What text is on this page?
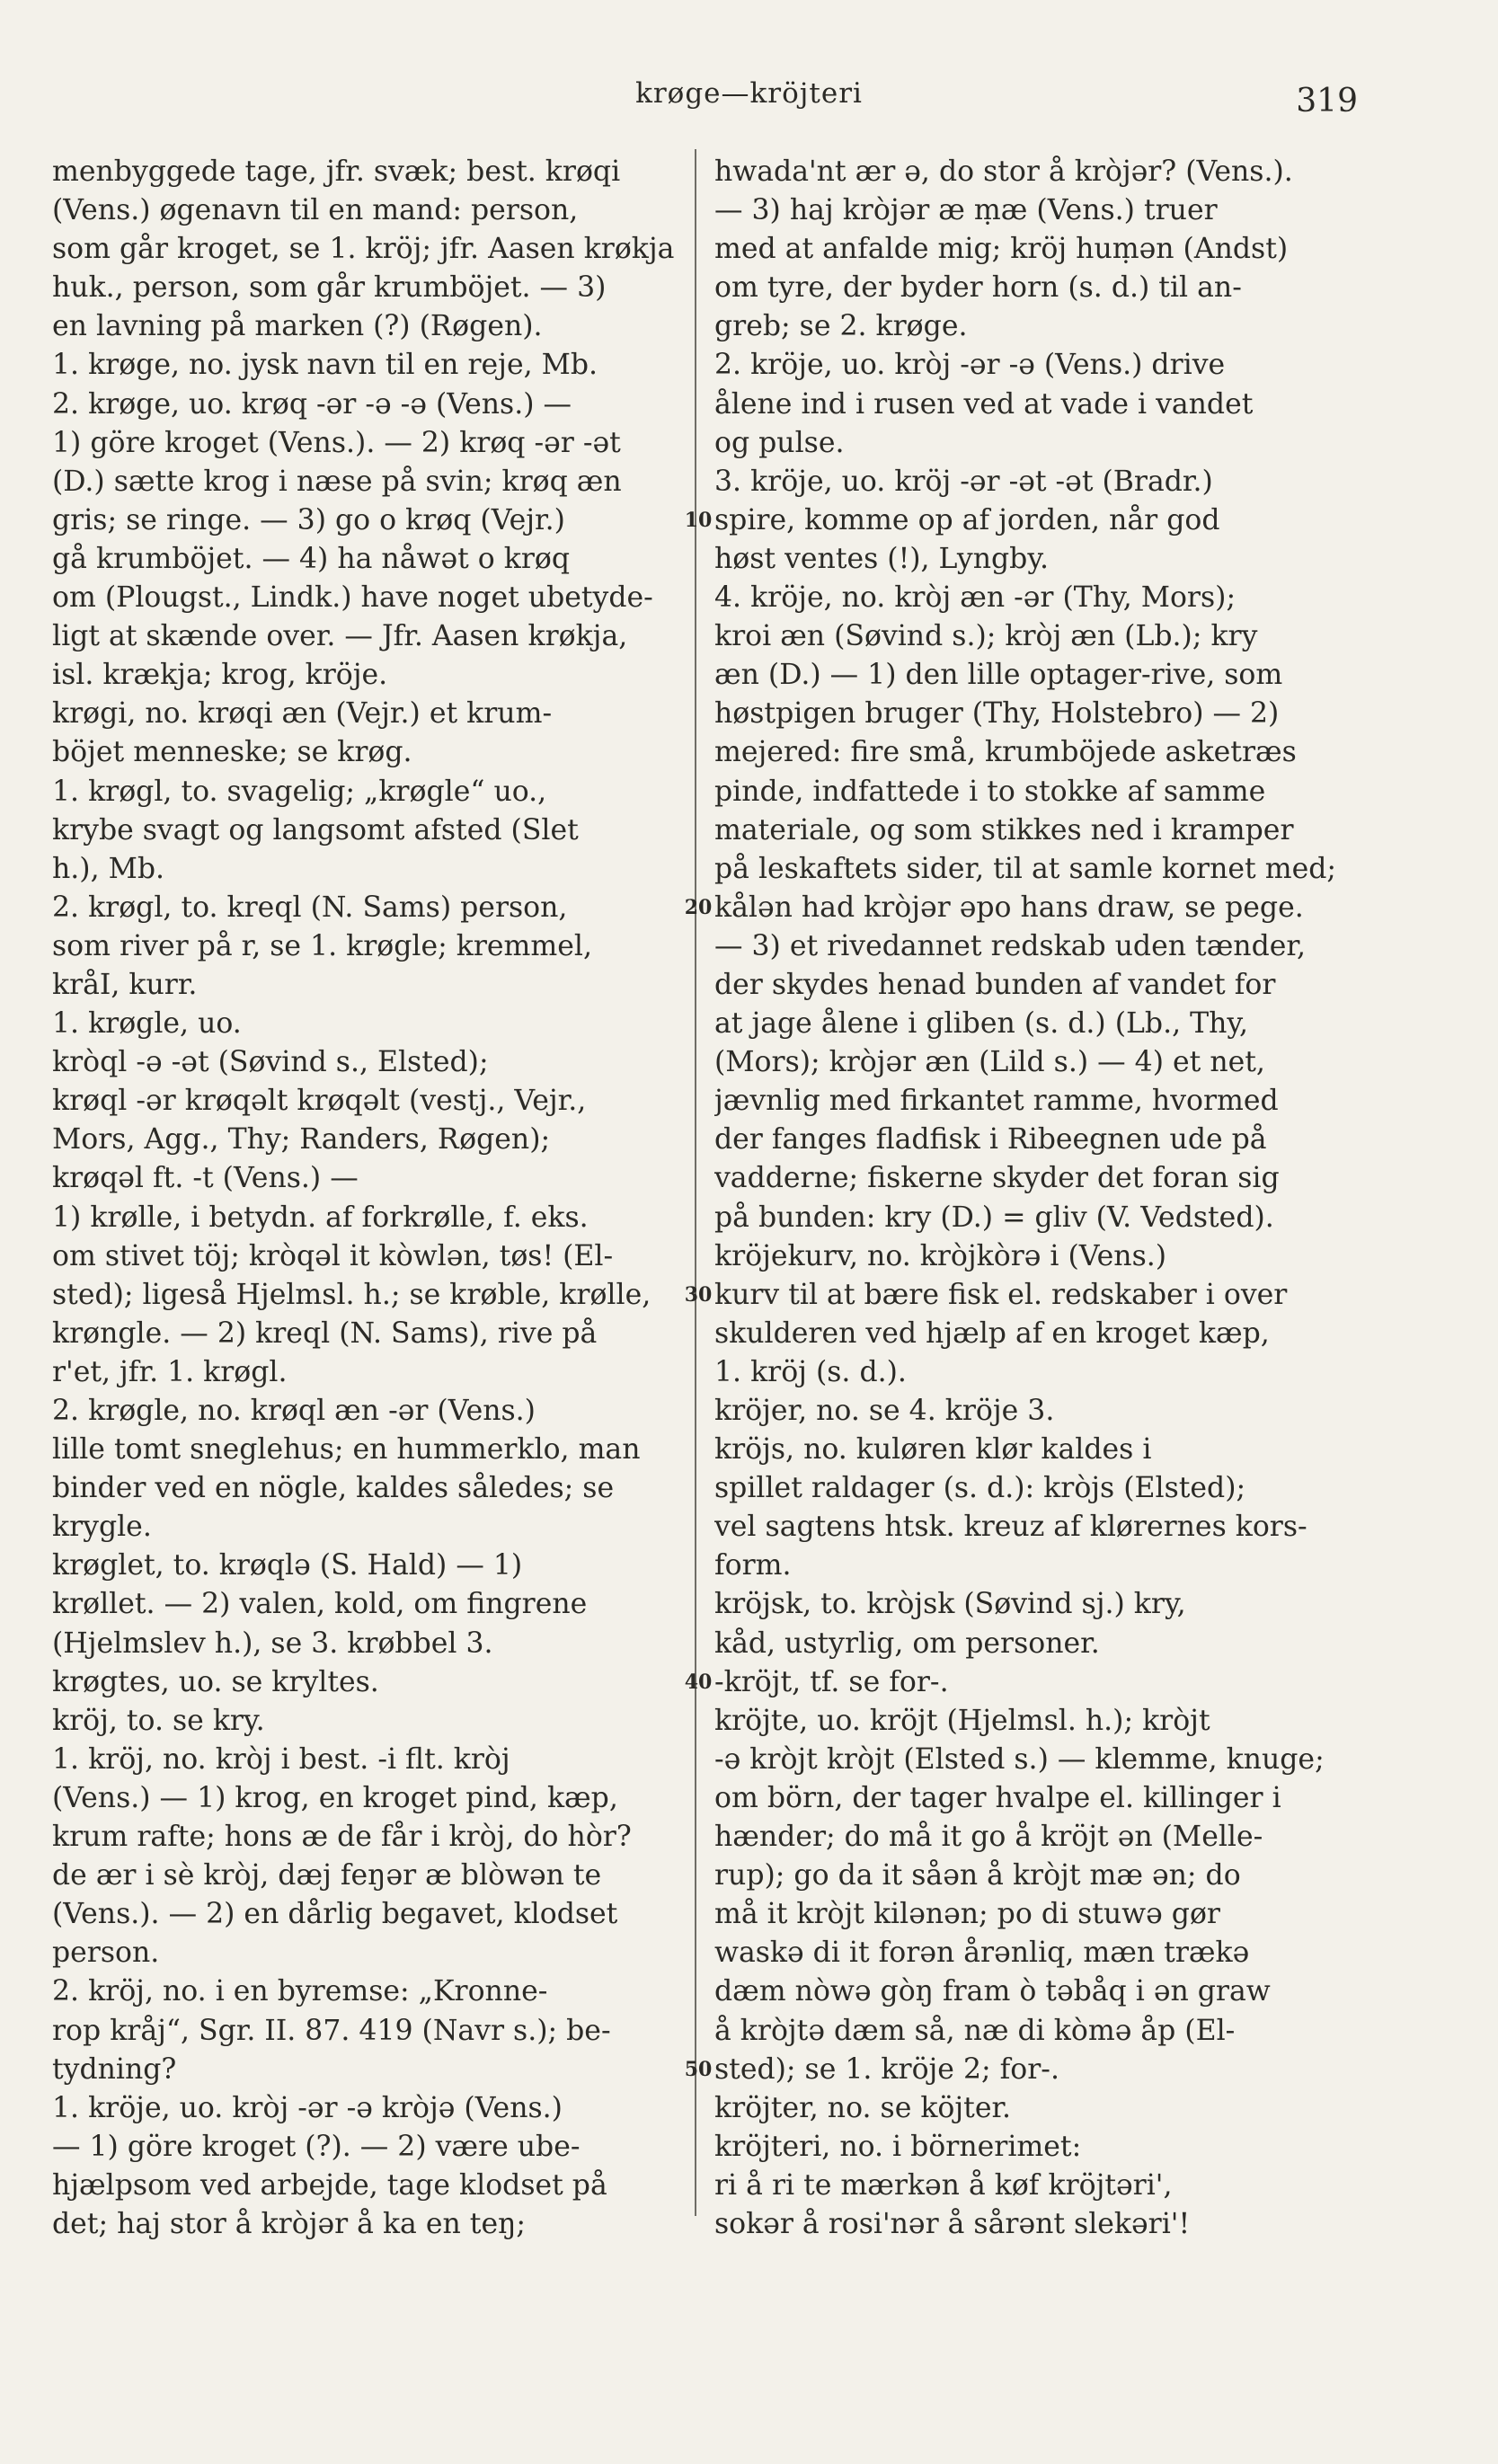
krøge—kröjteri	319
10
20
30
40
50
menbyggede tage, jfr. svæk; best. krøqi
(Vens.) øgenavn til en mand: person,
som går kroget, se 1. kröj; jfr. Aasen krøkja
huk., person, som går krumböjet. — 3)
en lavning på marken (?) (Røgen).
1. krøge, no. jysk navn til en reje, Mb.
2. krøge, uo. krøq -ər -ə -ə (Vens.) —
1) göre kroget (Vens.). — 2) krøq -ər -ət
(D.) sætte krog i næse på svin; krøq æn
gris; se ringe. — 3) go o krøq (Vejr.)
gå krumböjet. — 4) ha nåwət o krøq
om (Plougst., Lindk.) have noget ubetyde-
ligt at skænde over. — Jfr. Aasen krøkja,
isl. krækja; krog, kröje.
krøgi, no. krøqi æn (Vejr.) et krum-
böjet menneske; se krøg.
1. krøgl, to. svagelig; „krøgle“ uo.,
krybe svagt og langsomt afsted (Slet
h.), Mb.
2. krøgl, to. kreql (N. Sams) person,
som river på r, se 1. krøgle; kremmel,
kråI, kurr.
1. krøgle, uo.
kròql -ə -ət (Søvind s., Elsted);
krøql -ər krøqəlt krøqəlt (vestj., Vejr.,
Mors, Agg., Thy; Randers, Røgen);
krøqəl ft. -t (Vens.) —
1) krølle, i betydn. af forkrølle, f. eks.
om stivet töj; kròqəl it kòwlən, tøs! (El-
sted); ligeså Hjelmsl. h.; se krøble, krølle,
krøngle. — 2) kreql (N. Sams), rive på
r'et, jfr. 1. krøgl.
2. krøgle, no. krøql æn -ər (Vens.)
lille tomt sneglehus; en hummerklo, man
binder ved en nögle, kaldes således; se
krygle.
krøglet, to. krøqlə (S. Hald) — 1)
krøllet. — 2) valen, kold, om fingrene
(Hjelmslev h.), se 3. krøbbel 3.
krøgtes, uo. se kryltes.
kröj, to. se kry.
1. kröj, no. kròj i best. -i flt. kròj
(Vens.) — 1) krog, en kroget pind, kæp,
krum rafte; hons æ de får i kròj, do hòr?
de ær i sè kròj, dæj feŋər æ blòwən te
(Vens.). — 2) en dårlig begavet, klodset
person.
2. kröj, no. i en byremse: „Kronne-
rop kråj“, Sgr. II. 87. 419 (Navr s.); be-
tydning?
1. kröje, uo. kròj -ər -ə kròjə (Vens.)
— 1) göre kroget (?). — 2) være ube-
hjælpsom ved arbejde, tage klodset på
det; haj stor å kròjər å ka en teŋ;
hwada'nt ær ə, do stor å kròjər? (Vens.).
— 3) haj kròjər æ ṃæ (Vens.) truer
med at anfalde mig; kröj huṃən (Andst)
om tyre, der byder horn (s. d.) til an-
greb; se 2. krøge.
2. kröje, uo. kròj -ər -ə (Vens.) drive
ålene ind i rusen ved at vade i vandet
og pulse.
3. kröje, uo. kröj -ər -ət -ət (Bradr.)
spire, komme op af jorden, når god
høst ventes (!), Lyngby.
4. kröje, no. kròj æn -ər (Thy, Mors);
kroi æn (Søvind s.); kròj æn (Lb.); kry
æn (D.) — 1) den lille optager-rive, som
høstpigen bruger (Thy, Holstebro) — 2)
mejered: fire små, krumböjede asketræs
pinde, indfattede i to stokke af samme
materiale, og som stikkes ned i kramper
på leskaftets sider, til at samle kornet med;
kålən had kròjər əpo hans draw, se pege.
— 3) et rivedannet redskab uden tænder,
der skydes henad bunden af vandet for
at jage ålene i gliben (s. d.) (Lb., Thy,
(Mors); kròjər æn (Lild s.) — 4) et net,
jævnlig med firkantet ramme, hvormed
der fanges fladfisk i Ribeegnen ude på
vadderne; fiskerne skyder det foran sig
på bunden: kry (D.) = gliv (V. Vedsted).
kröjekurv, no. kròjkòrə i (Vens.)
kurv til at bære fisk el. redskaber i over
skulderen ved hjælp af en kroget kæp,
1. kröj (s. d.).
kröjer, no. se 4. kröje 3.
kröjs, no. kuløren klør kaldes i
spillet raldager (s. d.): kròjs (Elsted);
vel sagtens htsk. kreuz af klørernes kors-
form.
kröjsk, to. kròjsk (Søvind sj.) kry,
kåd, ustyrlig, om personer.
-kröjt, tf. se for-.
kröjte, uo. kröjt (Hjelmsl. h.); kròjt
-ə kròjt kròjt (Elsted s.) — klemme, knuge;
om börn, der tager hvalpe el. killinger i
hænder; do må it go å kröjt ən (Melle-
rup); go da it såən å kròjt mæ ən; do
må it kròjt kilənən; po di stuwə gør
waskə di it forən årənliq, mæn trækə
dæm nòwə gòŋ fram ò təbåq i ən graw
å kròjtə dæm så, næ di kòmə åp (El-
sted); se 1. kröje 2; for-.
kröjter, no. se köjter.
kröjteri, no. i börnerimet:
ri å ri te mærkən å køf kröjtəri',
sokər å rosi'nər å sårənt slekəri'!
